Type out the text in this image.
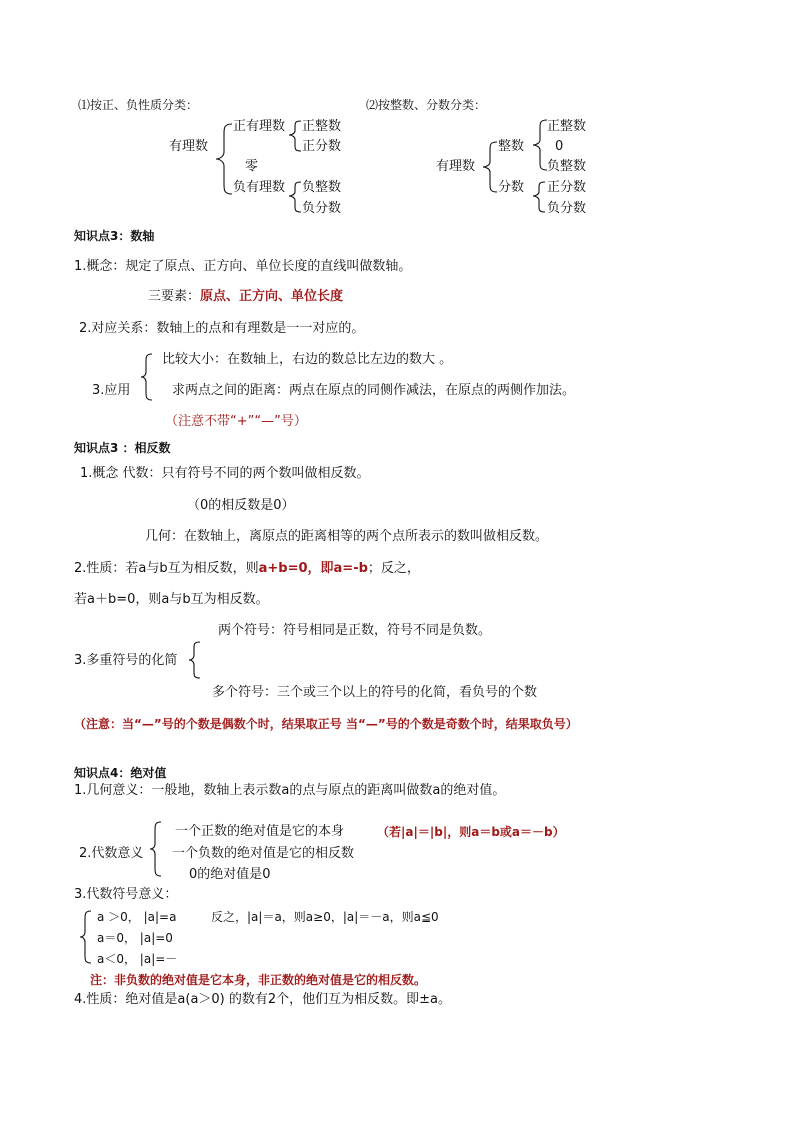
⑴按正、负性质分类：	⑵按整数、分数分类：
有理数
正有理数
零
负有理数
正整数
正分数
负整数
负分数
有理数
整数
分数
正整数
0
负整数
正分数
负分数
知识点3：数轴
1.概念：规定了原点、正方向、单位长度的直线叫做数轴。
三要素：原点、正方向、单位长度
2.对应关系：数轴上的点和有理数是一一对应的。
3.应用
比较大小：在数轴上，右边的数总比左边的数大 。
求两点之间的距离：两点在原点的同侧作减法，在原点的两侧作加法。
（注意不带“+”“—”号）
知识点3 ：相反数
1.概念 代数：只有符号不同的两个数叫做相反数。
（0的相反数是0）
几何：在数轴上，离原点的距离相等的两个点所表示的数叫做相反数。
2.性质：若a与b互为相反数，则a+b=0，即a=-b；反之，
若a＋b=0，则a与b互为相反数。
两个符号：符号相同是正数，符号不同是负数。
3.多重符号的化简
多个符号：三个或三个以上的符号的化简，看负号的个数
（注意：当“—”号的个数是偶数个时，结果取正号 当“—”号的个数是奇数个时，结果取负号）
知识点4：绝对值
1.几何意义：一般地，数轴上表示数a的点与原点的距离叫做数a的绝对值。
2.代数意义
一个正数的绝对值是它的本身	（若|a|＝|b|，则a＝b或a＝－b）
一个负数的绝对值是它的相反数
0的绝对值是0
3.代数符号意义：
a ＞0， |a|=a	反之，|a|＝a，则a≥0，|a|＝－a，则a≦0
a＝0， |a|=0
a＜0， |a|=－
注：非负数的绝对值是它本身，非正数的绝对值是它的相反数。
4.性质：绝对值是a(a＞0) 的数有2个，他们互为相反数。即±a。
